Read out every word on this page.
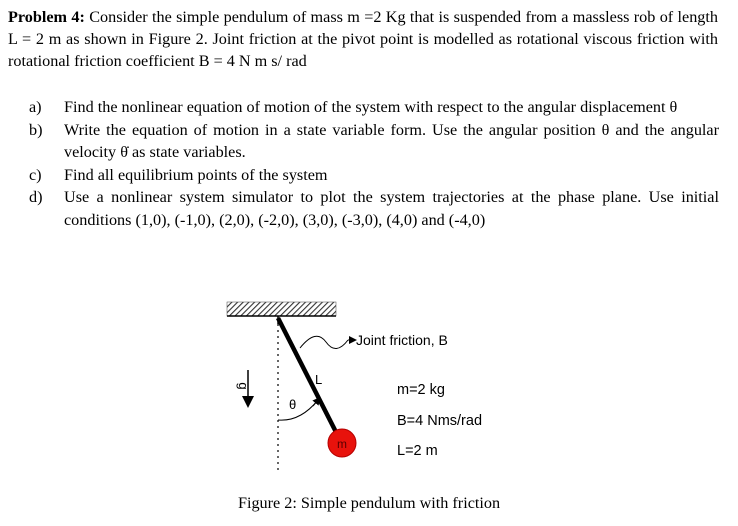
Problem 4: Consider the simple pendulum of mass m =2 Kg that is suspended from a massless rob of length L = 2 m as shown in Figure 2. Joint friction at the pivot point is modelled as rotational viscous friction with rotational friction coefficient B = 4 N m s/ rad
a) Find the nonlinear equation of motion of the system with respect to the angular displacement θ
b) Write the equation of motion in a state variable form. Use the angular position θ and the angular velocity θ̇ as state variables.
c) Find all equilibrium points of the system
d) Use a nonlinear system simulator to plot the system trajectories at the phase plane. Use initial conditions (1,0), (-1,0), (2,0), (-2,0), (3,0), (-3,0), (4,0) and (-4,0)
m
Joint friction, B
L
θ
g	m=2 kg
B=4 Nms/rad
L=2 m
Figure 2: Simple pendulum with friction
